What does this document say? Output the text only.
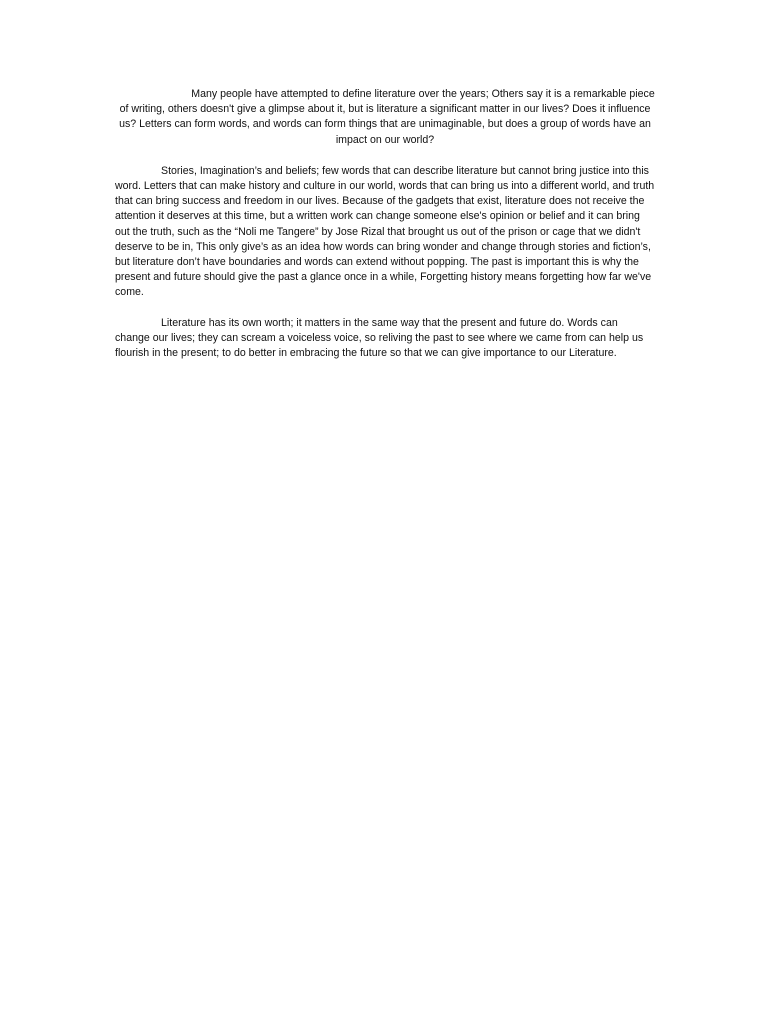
Many people have attempted to define literature over the years; Others say it is a remarkable piece of writing, others doesn't give a glimpse about it, but is literature a significant matter in our lives? Does it influence us? Letters can form words, and words can form things that are unimaginable, but does a group of words have an impact on our world?

Stories, Imagination’s and beliefs; few words that can describe literature but cannot bring justice into this word. Letters that can make history and culture in our world, words that can bring us into a different world, and truth that can bring success and freedom in our lives. Because of the gadgets that exist, literature does not receive the attention it deserves at this time, but a written work can change someone else's opinion or belief and it can bring out the truth, such as the “Noli me Tangere” by Jose Rizal that brought us out of the prison or cage that we didn't deserve to be in, This only give’s as an idea how words can bring wonder and change through stories and fiction’s, but literature don’t have boundaries and words can extend without popping. The past is important this is why the present and future should give the past a glance once in a while, Forgetting history means forgetting how far we've come.

Literature has its own worth; it matters in the same way that the present and future do. Words can change our lives; they can scream a voiceless voice, so reliving the past to see where we came from can help us flourish in the present; to do better in embracing the future so that we can give importance to our Literature.
